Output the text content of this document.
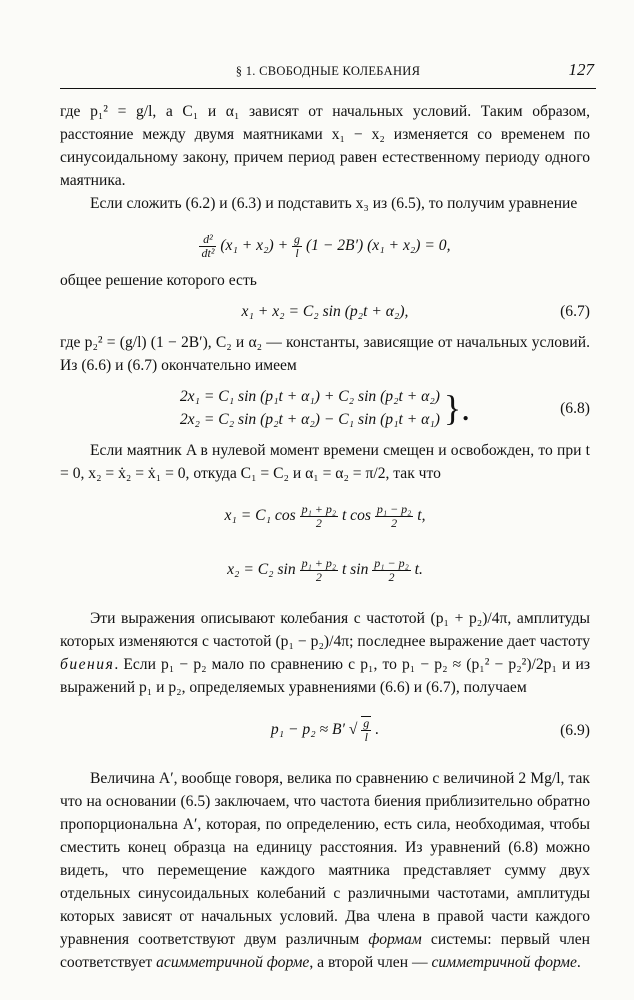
§ 1. СВОБОДНЫЕ КОЛЕБАНИЯ	127

где p₁² = g/l, а C₁ и α₁ зависят от начальных условий. Таким образом, расстояние между двумя маятниками x₁ − x₂ изменяется со временем по синусоидальному закону, причем период равен естественному периоду одного маятника.

Если сложить (6.2) и (6.3) и подставить x₃ из (6.5), то получим уравнение

$\frac{\text{d²}}{\text{dt²}} (x_1 + x_2) + \frac{g}{l} (1 - 2B') (x_1 + x_2) = 0$,

общее решение которого есть

x₁ + x₂ = C₂ sin (p₂t + α₂),	(6.7)

где p₂² = (g/l) (1 − 2B′), C₂ и α₂ — константы, зависящие от начальных условий. Из (6.6) и (6.7) окончательно имеем

2x₁ = C₁ sin (p₁t + α₁) + C₂ sin (p₂t + α₂)
2x₂ = C₂ sin (p₂t + α₂) − C₁ sin (p₁t + α₁) }.	(6.8)

Если маятник A в нулевой момент времени смещен и освобожден, то при t = 0, x₂ = ẋ₂ = ẋ₁ = 0, откуда C₁ = C₂ и α₁ = α₂ = π/2, так что

x₁ = C₁ $\cos \frac{\text{p₁ + p₂}}{2}$ t $\cos \frac{\text{p₁ − p₂}}{2} t$,
x₂ = C₂ $\sin \frac{\text{p₁ + p₂}}{2}$ t $\sin \frac{\text{p₁ − p₂}}{2} t$.

Эти выражения описывают колебания с частотой (p₁ + p₂)/4π, амплитуды которых изменяются с частотой (p₁ − p₂)/4π; последнее выражение дает частоту биения. Если p₁ − p₂ мало по сравнению с p₁, то p₁ − p₂ ≈ (p₁² − p₂²)/2p₁ и из выражений p₁ и p₂, определяемых уравнениями (6.6) и (6.7), получаем

p₁ − p₂ ≈ B′ √ $\frac{g}{l}$ .	(6.9)

Величина A′, вообще говоря, велика по сравнению с величиной 2 Mg/l, так что на основании (6.5) заключаем, что частота биения приблизительно обратно пропорциональна A′, которая, по определению, есть сила, необходимая, чтобы сместить конец образца на единицу расстояния. Из уравнений (6.8) можно видеть, что перемещение каждого маятника представляет сумму двух отдельных синусоидальных колебаний с различными частотами, амплитуды которых зависят от начальных условий. Два члена в правой части каждого уравнения соответствуют двум различным формам системы: первый член соответствует асимметричной форме, а второй член — симметричной форме.
